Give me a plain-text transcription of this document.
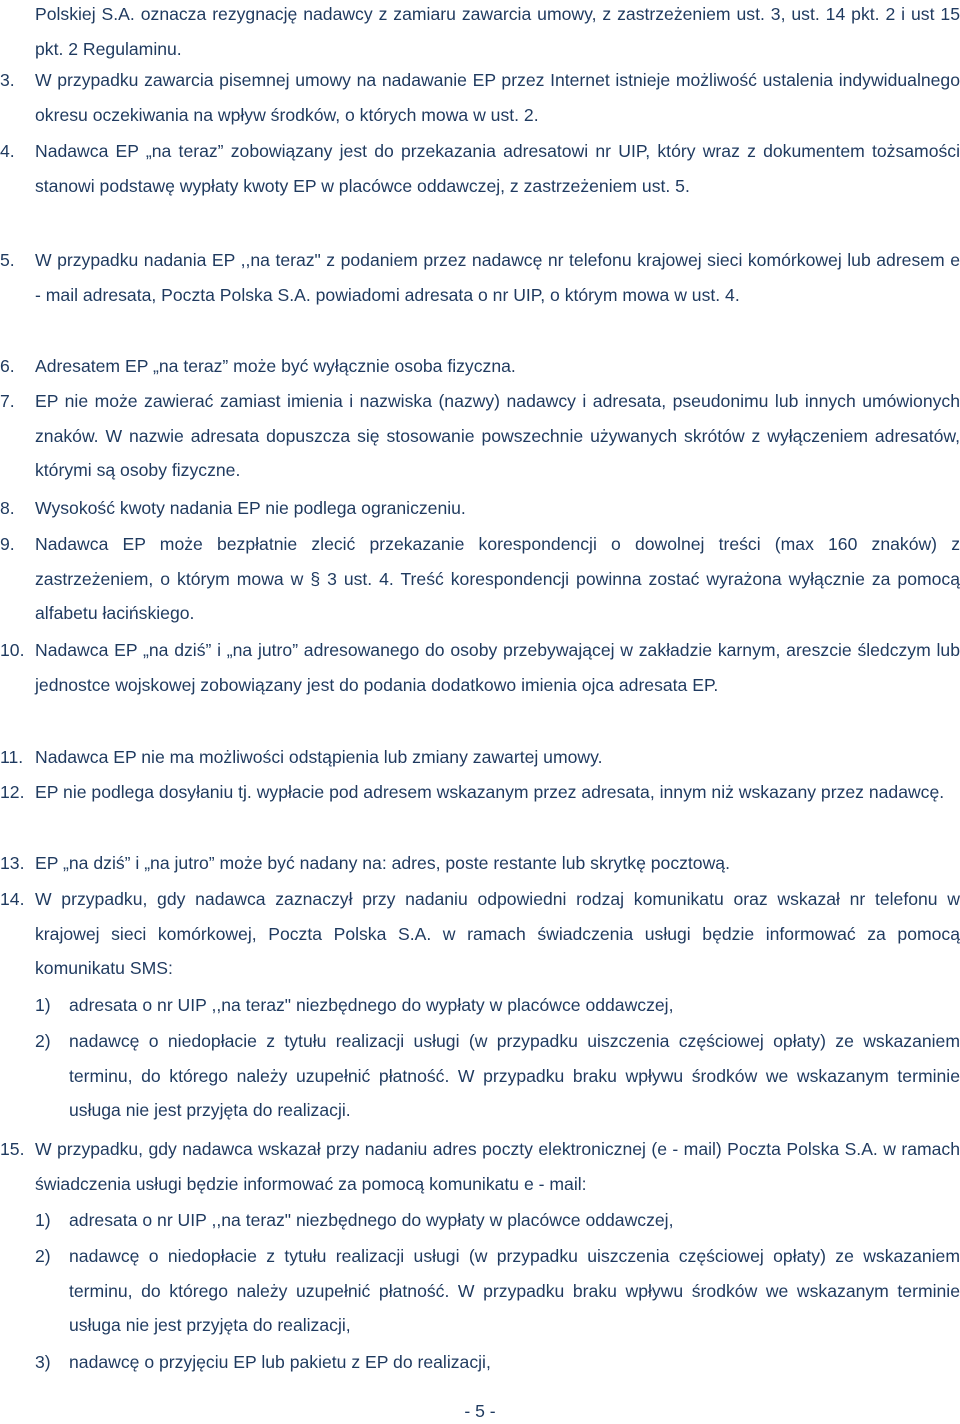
Polskiej S.A. oznacza rezygnację nadawcy z zamiaru zawarcia umowy, z zastrzeżeniem ust. 3, ust. 14 pkt. 2 i ust 15 pkt. 2 Regulaminu.
3. W przypadku zawarcia pisemnej umowy na nadawanie EP przez Internet istnieje możliwość ustalenia indywidualnego okresu oczekiwania na wpływ środków, o których mowa w ust. 2.
4. Nadawca EP „na teraz” zobowiązany jest do przekazania adresatowi nr UIP, który wraz z dokumentem tożsamości stanowi podstawę wypłaty kwoty EP w placówce oddawczej, z zastrzeżeniem ust. 5.
5. W przypadku nadania EP ,,na teraz" z podaniem przez nadawcę nr telefonu krajowej sieci komórkowej lub adresem e - mail adresata, Poczta Polska S.A. powiadomi adresata o nr UIP, o którym mowa w ust. 4.
6. Adresatem EP „na teraz” może być wyłącznie osoba fizyczna.
7. EP nie może zawierać zamiast imienia i nazwiska (nazwy) nadawcy i adresata, pseudonimu lub innych umówionych znaków. W nazwie adresata dopuszcza się stosowanie powszechnie używanych skrótów z wyłączeniem adresatów, którymi są osoby fizyczne.
8. Wysokość kwoty nadania EP nie podlega ograniczeniu.
9. Nadawca EP może bezpłatnie zlecić przekazanie korespondencji o dowolnej treści (max 160 znaków) z zastrzeżeniem, o którym mowa w § 3 ust. 4. Treść korespondencji powinna zostać wyrażona wyłącznie za pomocą alfabetu łacińskiego.
10. Nadawca EP „na dziś” i „na jutro” adresowanego do osoby przebywającej w zakładzie karnym, areszcie śledczym lub jednostce wojskowej zobowiązany jest do podania dodatkowo imienia ojca adresata EP.
11. Nadawca EP nie ma możliwości odstąpienia lub zmiany zawartej umowy.
12. EP nie podlega dosyłaniu tj. wypłacie pod adresem wskazanym przez adresata, innym niż wskazany przez nadawcę.
13. EP „na dziś” i „na jutro” może być nadany na: adres, poste restante lub skrytkę pocztową.
14. W przypadku, gdy nadawca zaznaczył przy nadaniu odpowiedni rodzaj komunikatu oraz wskazał nr telefonu w krajowej sieci komórkowej, Poczta Polska S.A. w ramach świadczenia usługi będzie informować za pomocą komunikatu SMS:
1) adresata o nr UIP ,,na teraz" niezbędnego do wypłaty w placówce oddawczej,
2) nadawcę o niedopłacie z tytułu realizacji usługi (w przypadku uiszczenia częściowej opłaty) ze wskazaniem terminu, do którego należy uzupełnić płatność. W przypadku braku wpływu środków we wskazanym terminie usługa nie jest przyjęta do realizacji.
15. W przypadku, gdy nadawca wskazał przy nadaniu adres poczty elektronicznej (e - mail) Poczta Polska S.A. w ramach świadczenia usługi będzie informować za pomocą komunikatu e - mail:
1) adresata o nr UIP ,,na teraz" niezbędnego do wypłaty w placówce oddawczej,
2) nadawcę o niedopłacie z tytułu realizacji usługi (w przypadku uiszczenia częściowej opłaty) ze wskazaniem terminu, do którego należy uzupełnić płatność. W przypadku braku wpływu środków we wskazanym terminie usługa nie jest przyjęta do realizacji,
3) nadawcę o przyjęciu EP lub pakietu z EP do realizacji,
- 5 -
